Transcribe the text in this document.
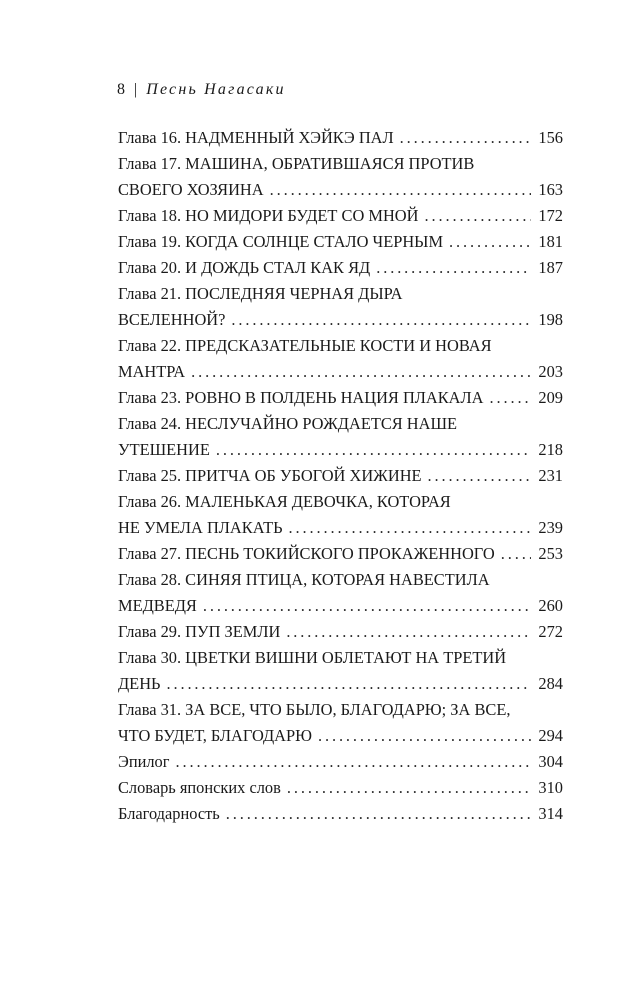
8 | Песнь Нагасаки
Глава 16. НАДМЕННЫЙ ХЭЙКЭ ПАЛ . . .	156
Глава 17. МАШИНА, ОБРАТИВШАЯСЯ ПРОТИВ
СВОЕГО ХОЗЯИНА . . .	163
Глава 18. НО МИДОРИ БУДЕТ СО МНОЙ . . .	172
Глава 19. КОГДА СОЛНЦЕ СТАЛО ЧЕРНЫМ . . .	181
Глава 20. И ДОЖДЬ СТАЛ КАК ЯД . . .	187
Глава 21. ПОСЛЕДНЯЯ ЧЕРНАЯ ДЫРА
ВСЕЛЕННОЙ? . . .	198
Глава 22. ПРЕДСКАЗАТЕЛЬНЫЕ КОСТИ И НОВАЯ
МАНТРА . . .	203
Глава 23. РОВНО В ПОЛДЕНЬ НАЦИЯ ПЛАКАЛА . . .	209
Глава 24. НЕСЛУЧАЙНО РОЖДАЕТСЯ НАШЕ
УТЕШЕНИЕ . . .	218
Глава 25. ПРИТЧА ОБ УБОГОЙ ХИЖИНЕ . . .	231
Глава 26. МАЛЕНЬКАЯ ДЕВОЧКА, КОТОРАЯ
НЕ УМЕЛА ПЛАКАТЬ . . .	239
Глава 27. ПЕСНЬ ТОКИЙСКОГО ПРОКАЖЕННОГО . . .	253
Глава 28. СИНЯЯ ПТИЦА, КОТОРАЯ НАВЕСТИЛА
МЕДВЕДЯ . . .	260
Глава 29. ПУП ЗЕМЛИ . . .	272
Глава 30. ЦВЕТКИ ВИШНИ ОБЛЕТАЮТ НА ТРЕТИЙ
ДЕНЬ . . .	284
Глава 31. ЗА ВСЕ, ЧТО БЫЛО, БЛАГОДАРЮ; ЗА ВСЕ,
ЧТО БУДЕТ, БЛАГОДАРЮ . . .	294
Эпилог . . .	304
Словарь японских слов . . .	310
Благодарность . . .	314
